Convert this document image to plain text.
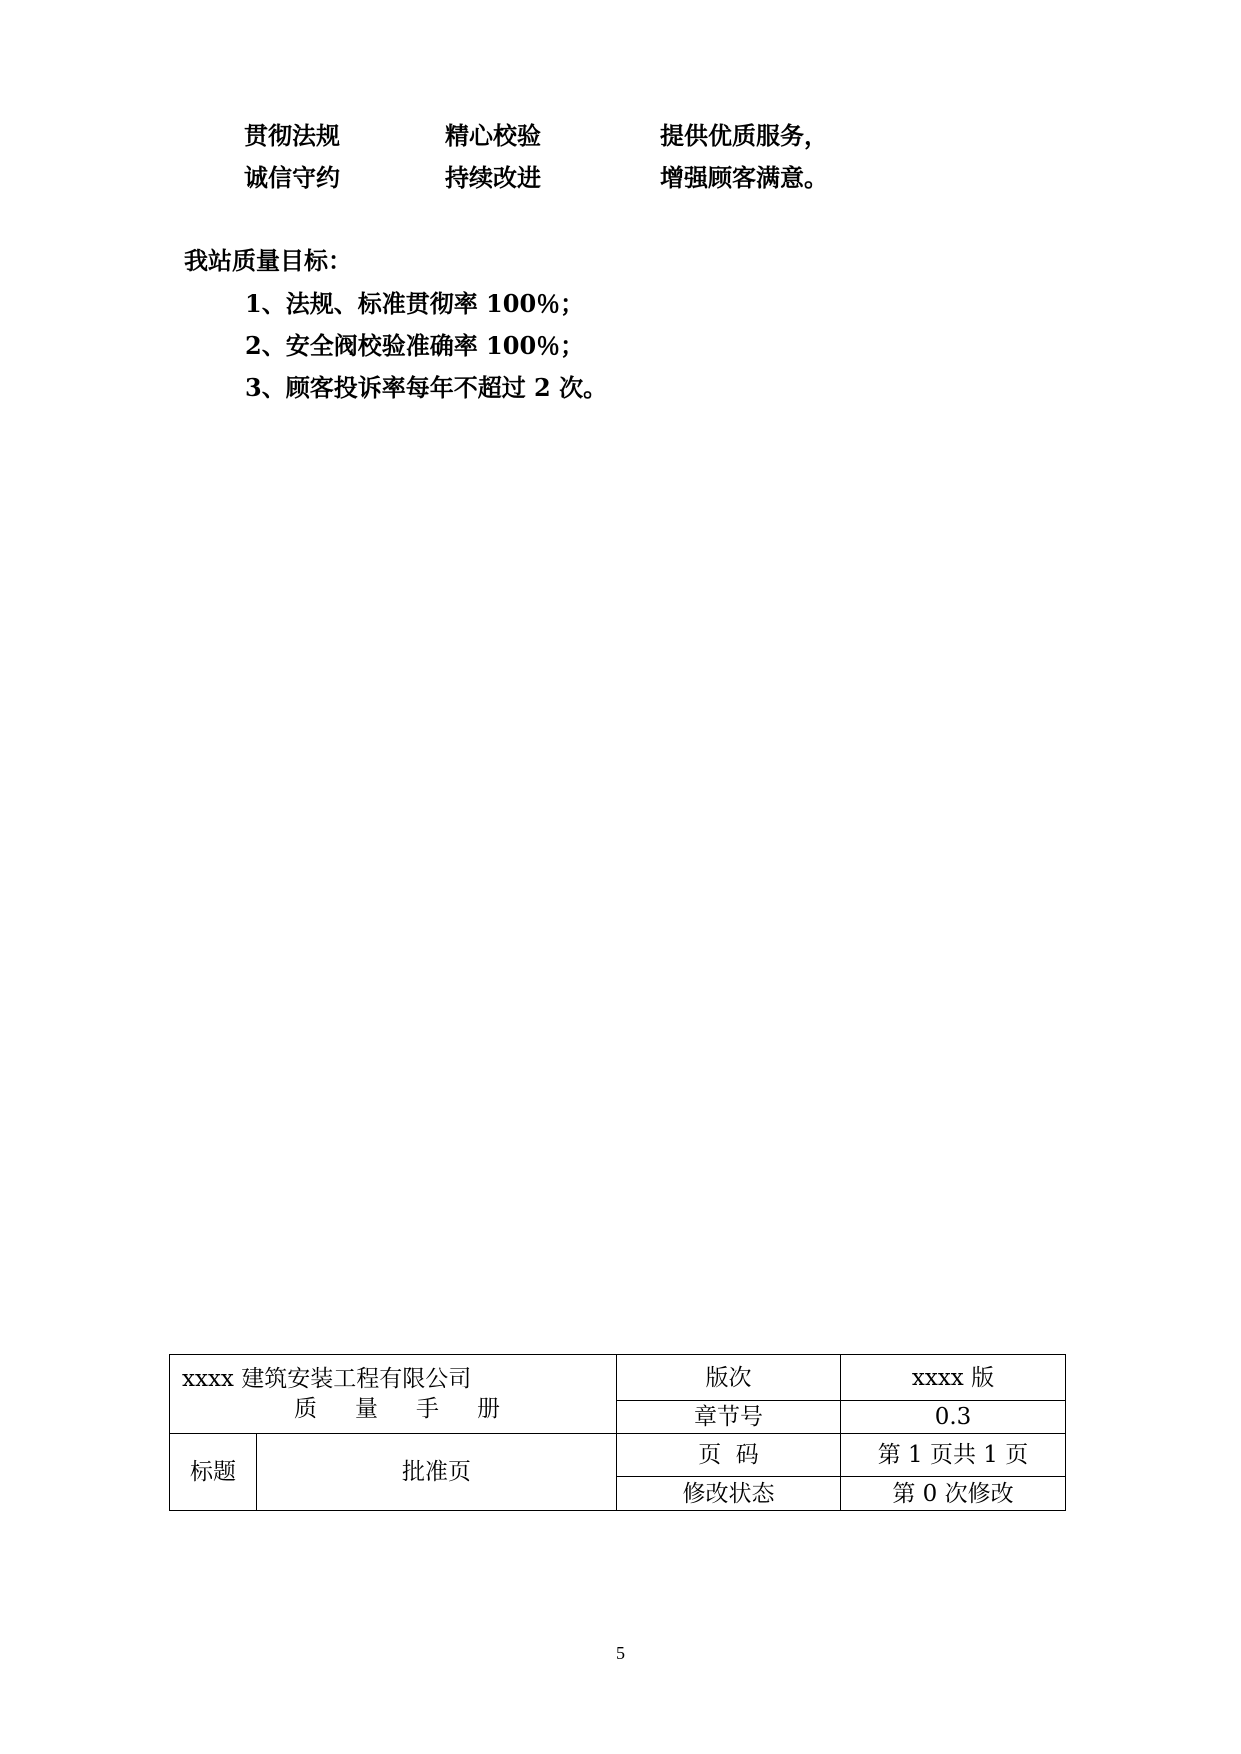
贯彻法规	精心校验	提供优质服务，
诚信守约	持续改进	增强顾客满意。
我站质量目标：
1、法规、标准贯彻率 100％；
2、安全阀校验准确率 100％；
3、顾客投诉率每年不超过 2 次。
xxxx 建筑安装工程有限公司
质量手册		版次	xxxx 版
		章节号	0.3
标题	批准页	页  码	第 1 页共 1 页
		修改状态	第 0 次修改
5
